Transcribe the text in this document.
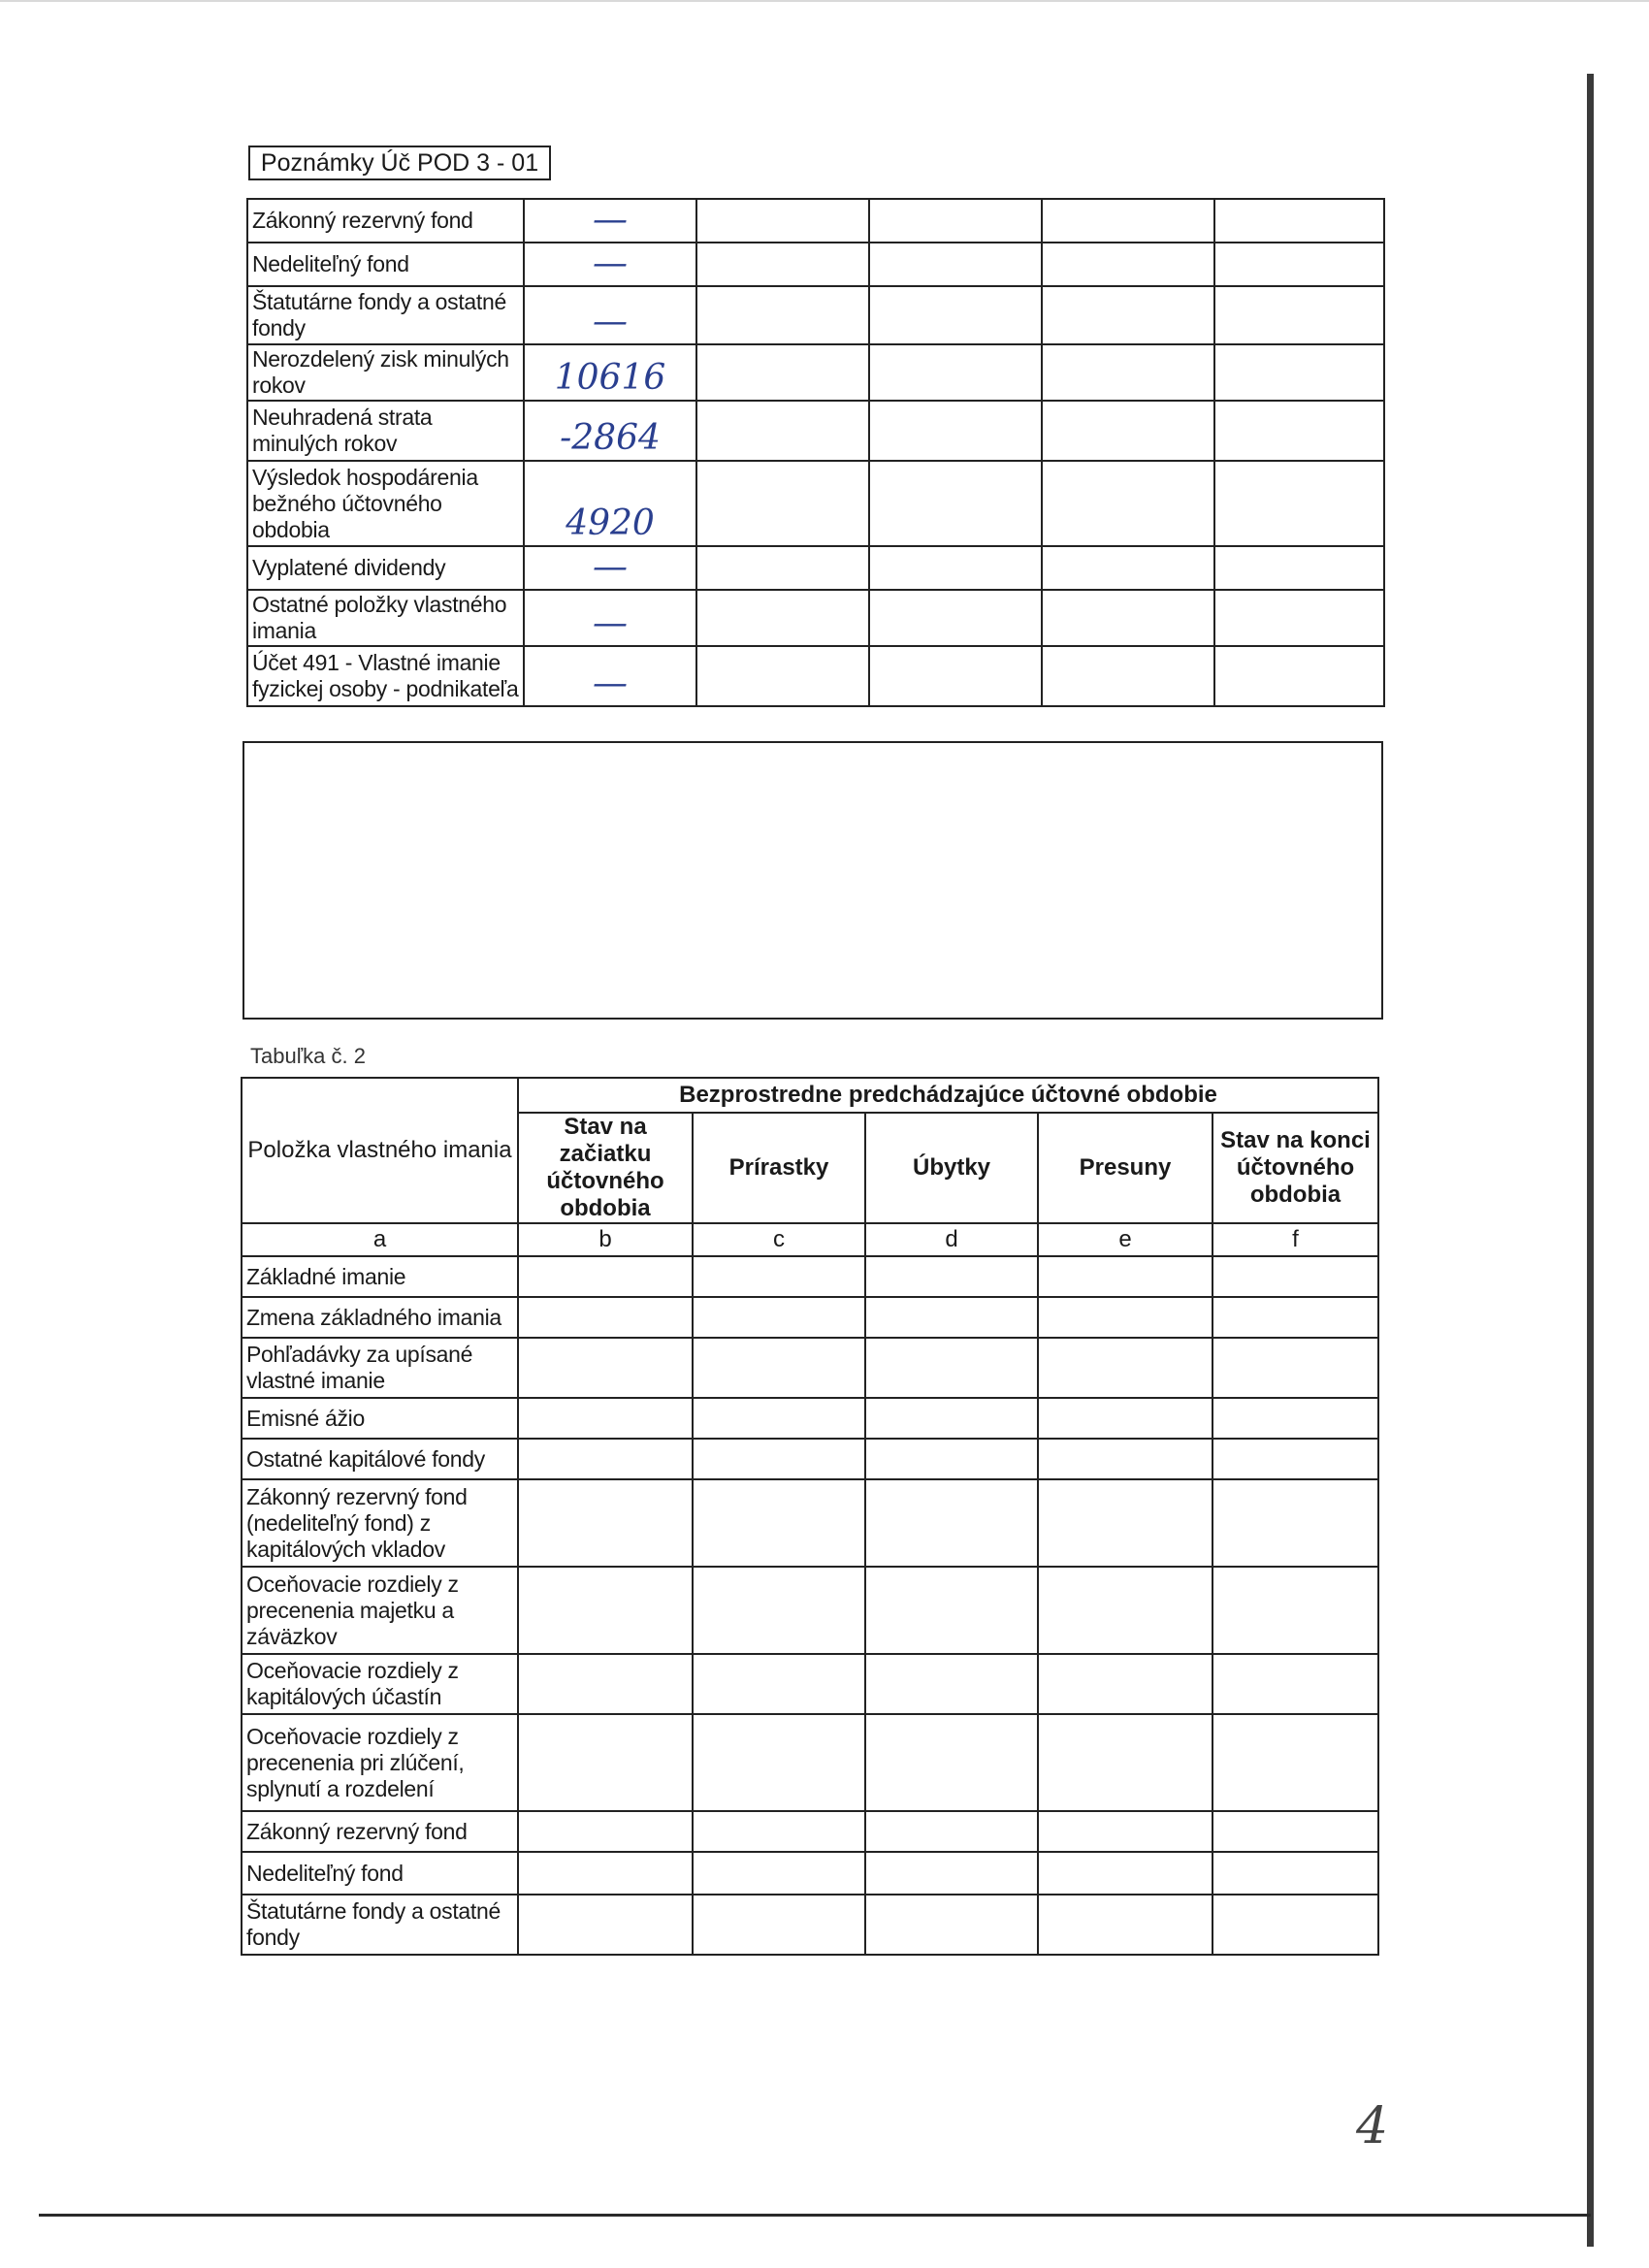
Poznámky Úč POD 3 - 01
Zákonný rezervný fond	—				
Nedeliteľný fond	—				
Štatutárne fondy a ostatné fondy	—				
Nerozdelený zisk minulých rokov	10616				
Neuhradená strata minulých rokov	-2864				
Výsledok hospodárenia bežného účtovného obdobia	4920				
Vyplatené dividendy	—				
Ostatné položky vlastného imania	—				
Účet 491 - Vlastné imanie fyzickej osoby - podnikateľa	—				
Tabuľka č. 2
Položka vlastného imania	Bezprostredne predchádzajúce účtovné obdobie				
	Stav na začiatku účtovného obdobia	Prírastky	Úbytky	Presuny	Stav na konci účtovného obdobia
a	b	c	d	e	f
Základné imanie					
Zmena základného imania					
Pohľadávky za upísané vlastné imanie					
Emisné ážio					
Ostatné kapitálové fondy					
Zákonný rezervný fond (nedeliteľný fond) z kapitálových vkladov					
Oceňovacie rozdiely z precenenia majetku a záväzkov					
Oceňovacie rozdiely z kapitálových účastín					
Oceňovacie rozdiely z precenenia pri zlúčení, splynutí a rozdelení					
Zákonný rezervný fond					
Nedeliteľný fond					
Štatutárne fondy a ostatné fondy					
4
